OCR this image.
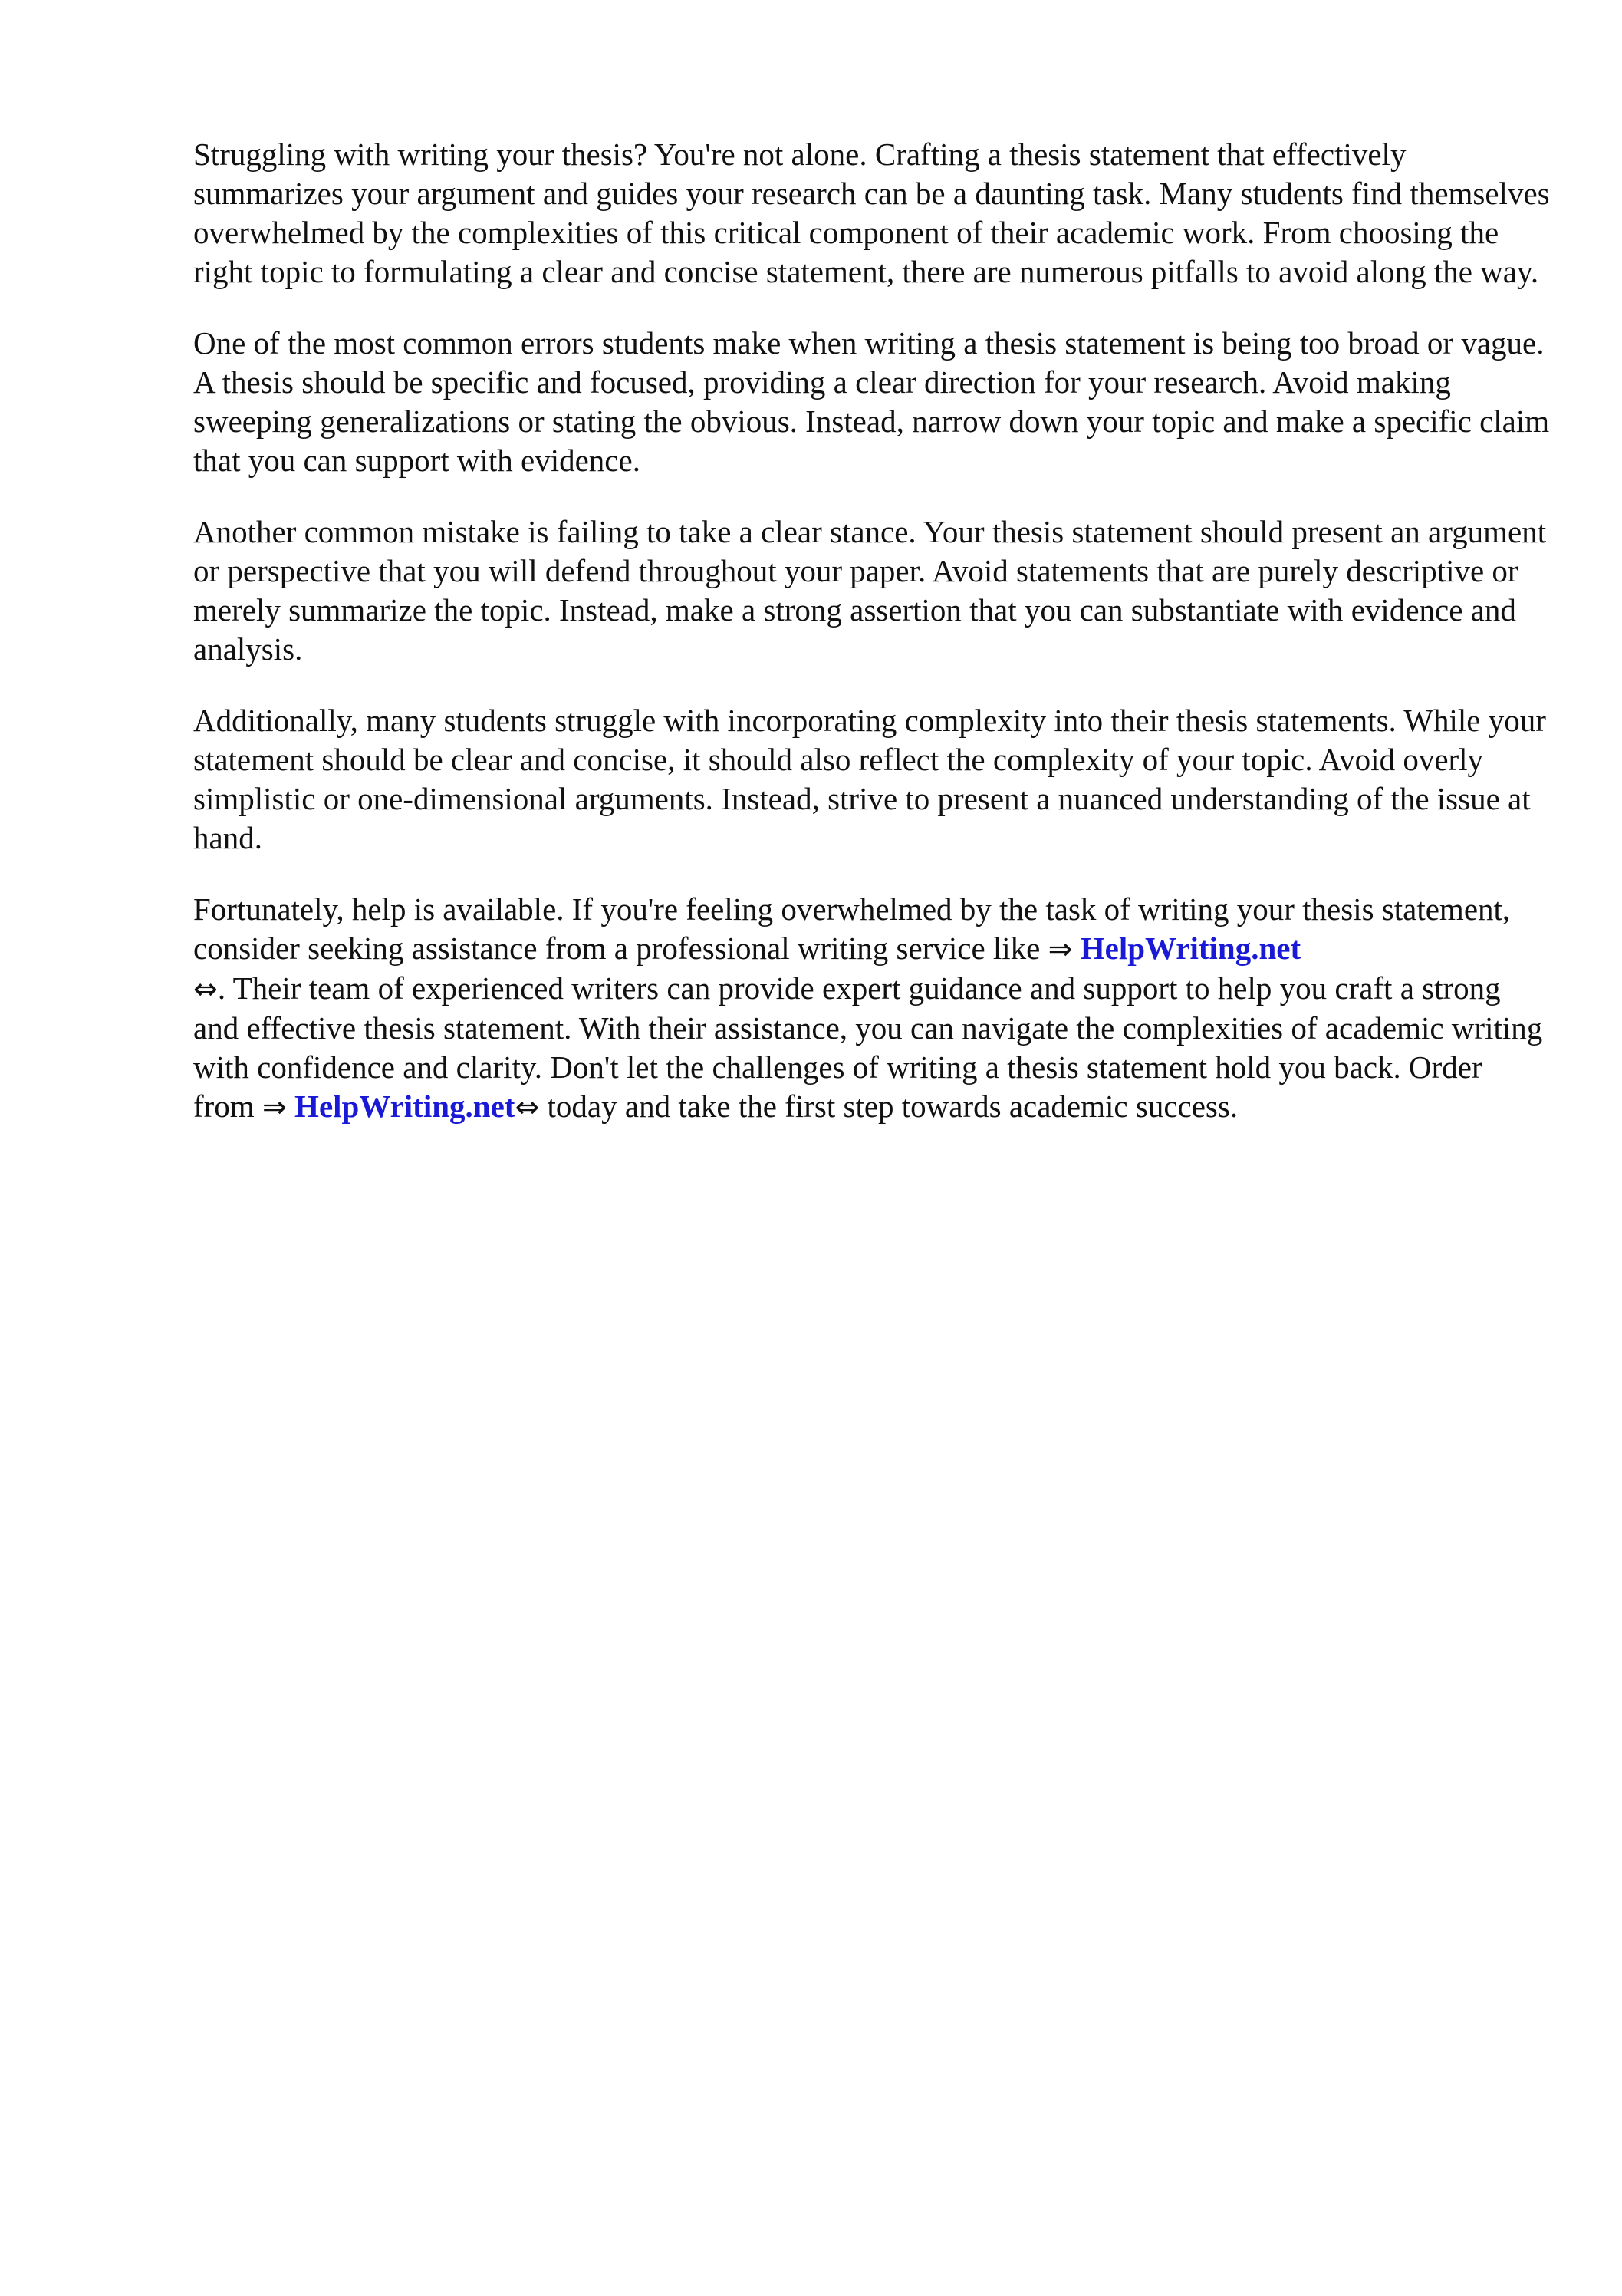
Struggling with writing your thesis? You're not alone. Crafting a thesis statement that effectively summarizes your argument and guides your research can be a daunting task. Many students find themselves overwhelmed by the complexities of this critical component of their academic work. From choosing the right topic to formulating a clear and concise statement, there are numerous pitfalls to avoid along the way.

One of the most common errors students make when writing a thesis statement is being too broad or vague. A thesis should be specific and focused, providing a clear direction for your research. Avoid making sweeping generalizations or stating the obvious. Instead, narrow down your topic and make a specific claim that you can support with evidence.

Another common mistake is failing to take a clear stance. Your thesis statement should present an argument or perspective that you will defend throughout your paper. Avoid statements that are purely descriptive or merely summarize the topic. Instead, make a strong assertion that you can substantiate with evidence and analysis.

Additionally, many students struggle with incorporating complexity into their thesis statements. While your statement should be clear and concise, it should also reflect the complexity of your topic. Avoid overly simplistic or one-dimensional arguments. Instead, strive to present a nuanced understanding of the issue at hand.

Fortunately, help is available. If you're feeling overwhelmed by the task of writing your thesis statement, consider seeking assistance from a professional writing service like ⇒ HelpWriting.net
⇔. Their team of experienced writers can provide expert guidance and support to help you craft a strong and effective thesis statement. With their assistance, you can navigate the complexities of academic writing with confidence and clarity. Don't let the challenges of writing a thesis statement hold you back. Order from ⇒ HelpWriting.net⇔ today and take the first step towards academic success.
